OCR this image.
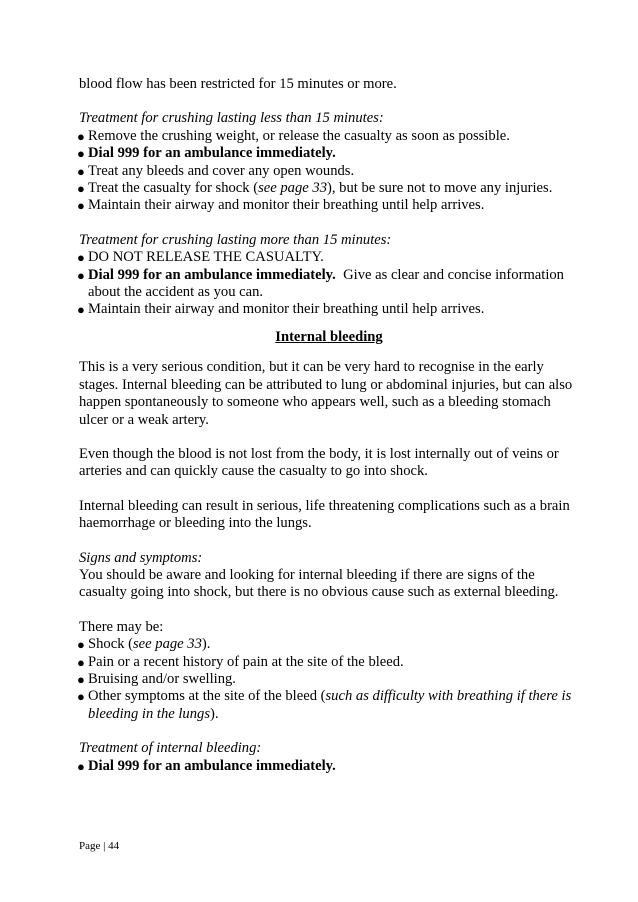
blood flow has been restricted for 15 minutes or more.

Treatment for crushing lasting less than 15 minutes:

● Remove the crushing weight, or release the casualty as soon as possible.
● Dial 999 for an ambulance immediately.
● Treat any bleeds and cover any open wounds.
● Treat the casualty for shock (see page 33), but be sure not to move any injuries.
● Maintain their airway and monitor their breathing until help arrives.

Treatment for crushing lasting more than 15 minutes:

● DO NOT RELEASE THE CASUALTY.
● Dial 999 for an ambulance immediately.  Give as clear and concise information about the accident as you can.
● Maintain their airway and monitor their breathing until help arrives.

Internal bleeding

This is a very serious condition, but it can be very hard to recognise in the early stages. Internal bleeding can be attributed to lung or abdominal injuries, but can also happen spontaneously to someone who appears well, such as a bleeding stomach ulcer or a weak artery.

Even though the blood is not lost from the body, it is lost internally out of veins or arteries and can quickly cause the casualty to go into shock.

Internal bleeding can result in serious, life threatening complications such as a brain haemorrhage or bleeding into the lungs.

Signs and symptoms:

You should be aware and looking for internal bleeding if there are signs of the casualty going into shock, but there is no obvious cause such as external bleeding.

There may be:

● Shock (see page 33).
● Pain or a recent history of pain at the site of the bleed.
● Bruising and/or swelling.
● Other symptoms at the site of the bleed (such as difficulty with breathing if there is bleeding in the lungs).

Treatment of internal bleeding:

● Dial 999 for an ambulance immediately.
Page | 44
